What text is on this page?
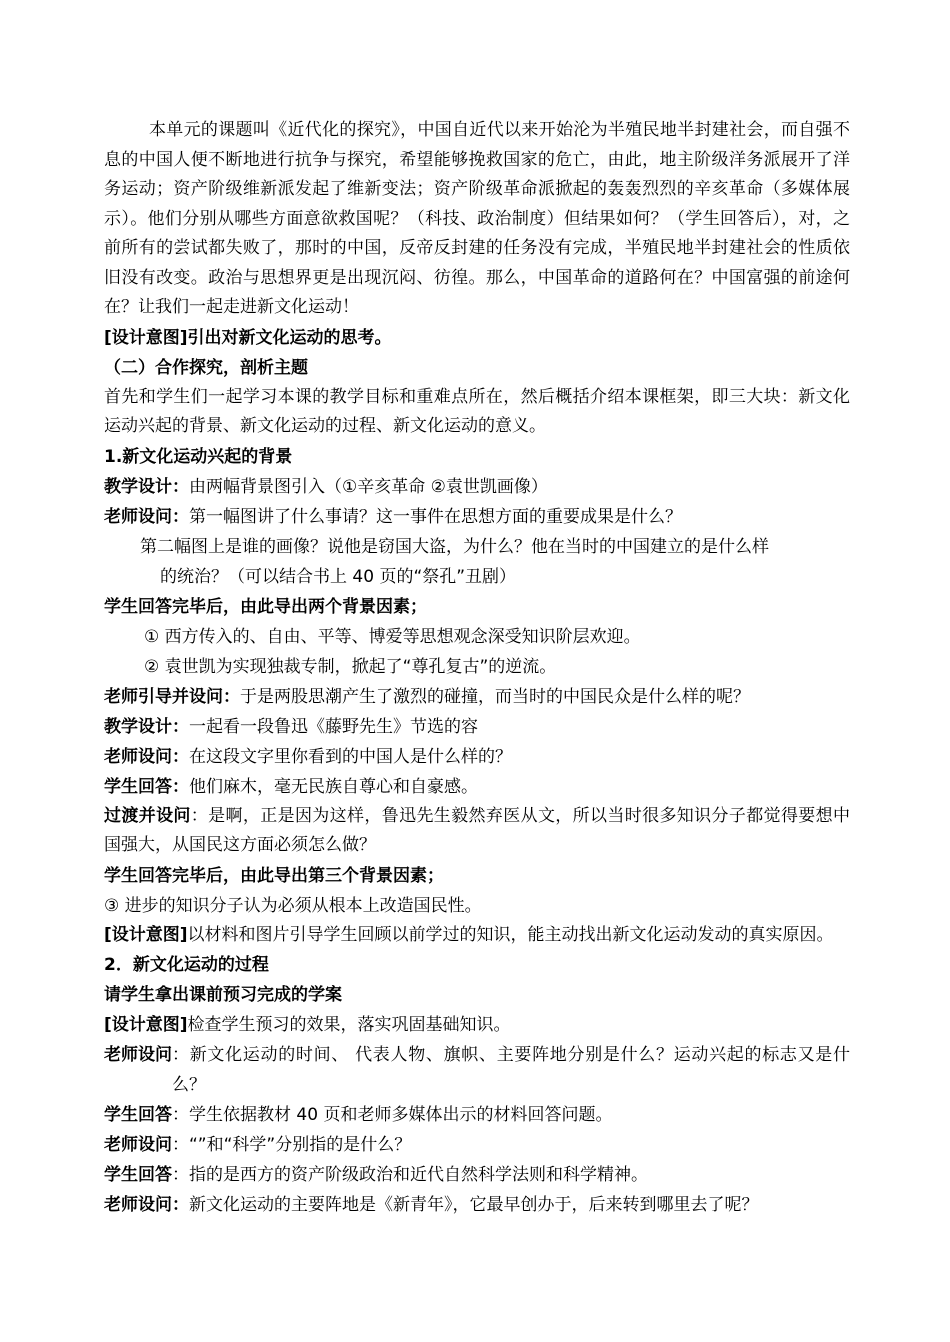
本单元的课题叫《近代化的探究》，中国自近代以来开始沦为半殖民地半封建社会，而自强不息的中国人便不断地进行抗争与探究，希望能够挽救国家的危亡，由此，地主阶级洋务派展开了洋务运动；资产阶级维新派发起了维新变法；资产阶级革命派掀起的轰轰烈烈的辛亥革命（多媒体展示）。他们分别从哪些方面意欲救国呢？（科技、政治制度）但结果如何？（学生回答后），对，之前所有的尝试都失败了，那时的中国，反帝反封建的任务没有完成，半殖民地半封建社会的性质依旧没有改变。政治与思想界更是出现沉闷、彷徨。那么，中国革命的道路何在？中国富强的前途何在？让我们一起走进新文化运动！

[设计意图]引出对新文化运动的思考。

（二）合作探究，剖析主题

首先和学生们一起学习本课的教学目标和重难点所在，然后概括介绍本课框架，即三大块：新文化运动兴起的背景、新文化运动的过程、新文化运动的意义。

1.新文化运动兴起的背景

教学设计： 由两幅背景图引入（①辛亥革命 ②袁世凯画像）
老师设问： 第一幅图讲了什么事请？这一事件在思想方面的重要成果是什么？

第二幅图上是谁的画像？说他是窃国大盗，为什么？他在当时的中国建立的是什么样

的统治？（可以结合书上 40 页的“祭孔”丑剧）

学生回答完毕后，由此导出两个背景因素；

① 西方传入的、自由、平等、博爱等思想观念深受知识阶层欢迎。

② 袁世凯为实现独裁专制，掀起了“尊孔复古”的逆流。

老师引导并设问： 于是两股思潮产生了激烈的碰撞，而当时的中国民众是什么样的呢？
教学设计： 一起看一段鲁迅《藤野先生》节选的容
老师设问： 在这段文字里你看到的中国人是什么样的？
学生回答： 他们麻木，毫无民族自尊心和自豪感。

过渡并设问：是啊，正是因为这样，鲁迅先生毅然弃医从文，所以当时很多知识分子都觉得要想中国强大，从国民这方面必须怎么做？

学生回答完毕后，由此导出第三个背景因素；

③ 进步的知识分子认为必须从根本上改造国民性。

[设计意图]以材料和图片引导学生回顾以前学过的知识，能主动找出新文化运动发动的真实原因。

2．新文化运动的过程

请学生拿出课前预习完成的学案

[设计意图]检查学生预习的效果，落实巩固基础知识。

老师设问 ：新文化运动的时间、 代表人物、旗帜、主要阵地分别是什么？运动兴起的标志又是什么？
学生回答 ：学生依据教材 40 页和老师多媒体出示的材料回答问题。
老师设问 ：“”和“科学”分别指的是什么？
学生回答 ：指的是西方的资产阶级政治和近代自然科学法则和科学精神。
老师设问： 新文化运动的主要阵地是《新青年》，它最早创办于，后来转到哪里去了呢？
